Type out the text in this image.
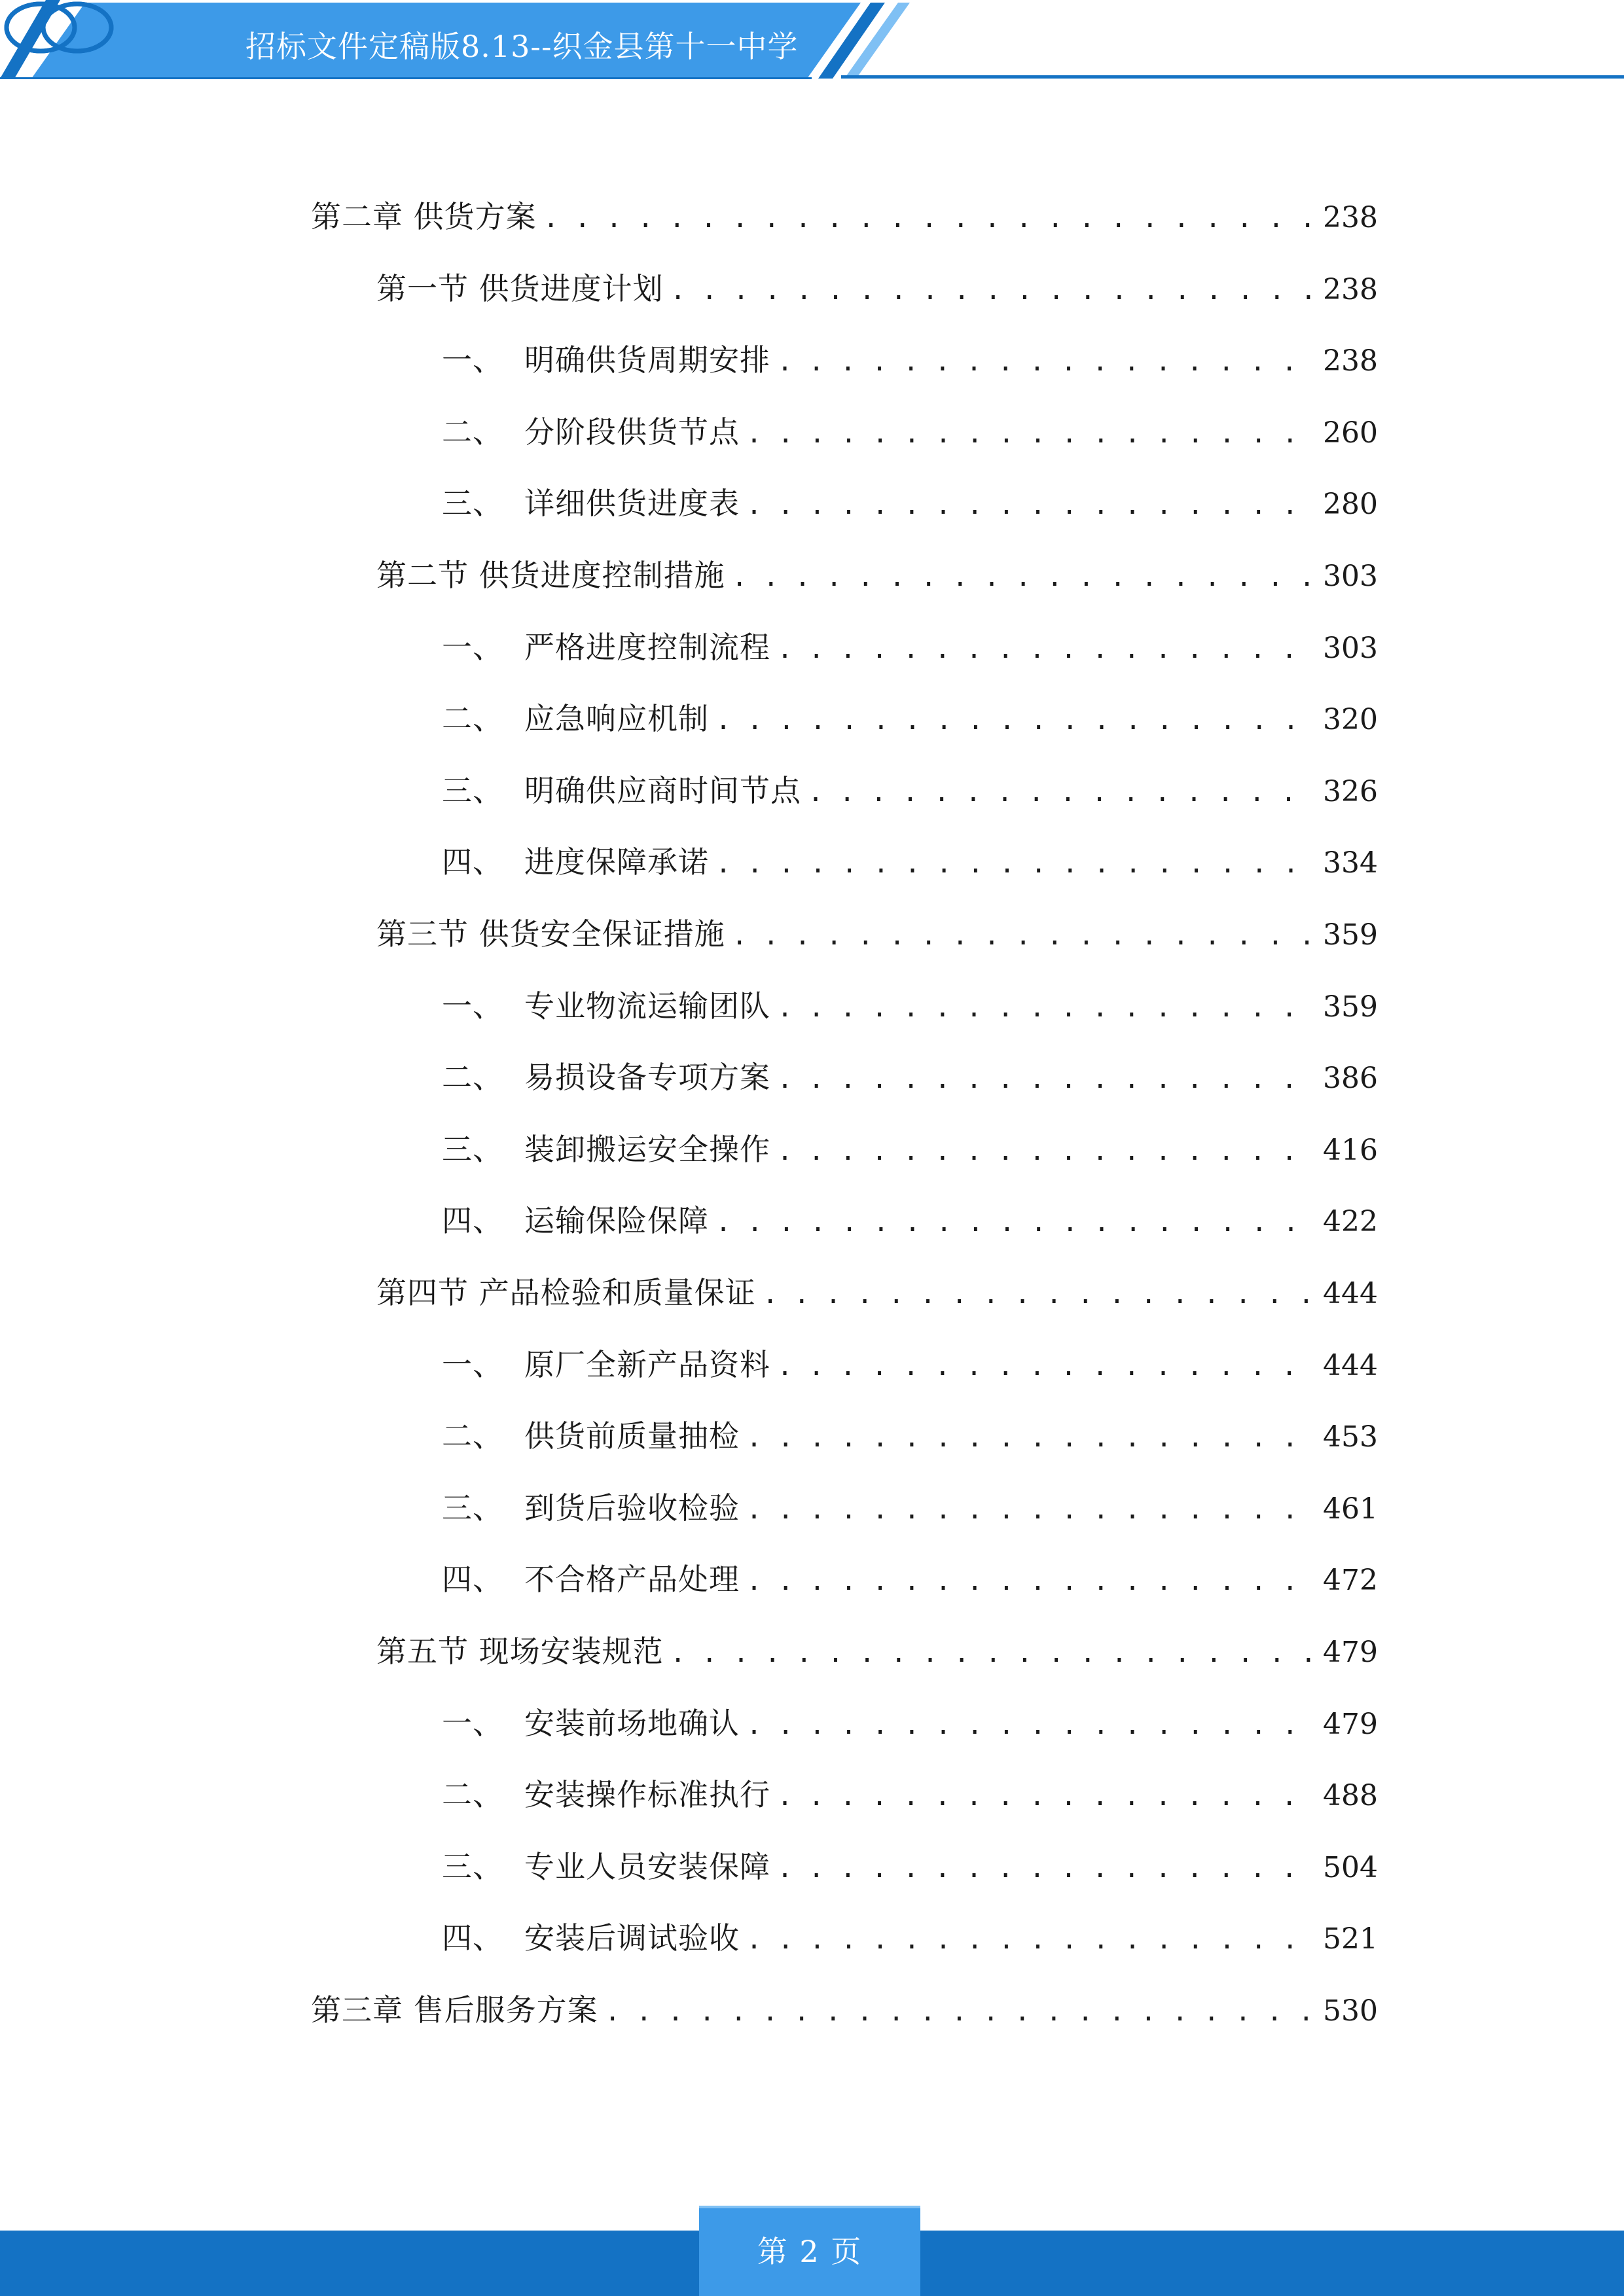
招标文件定稿版8.13--织金县第十一中学
第二章 供货方案 . . .	238
第一节 供货进度计划 . . .	238
一、 明确供货周期安排 . . .	238
二、 分阶段供货节点 . . .	260
三、 详细供货进度表 . . .	280
第二节 供货进度控制措施 . . .	303
一、 严格进度控制流程 . . .	303
二、 应急响应机制 . . .	320
三、 明确供应商时间节点 . . .	326
四、 进度保障承诺 . . .	334
第三节 供货安全保证措施 . . .	359
一、 专业物流运输团队 . . .	359
二、 易损设备专项方案 . . .	386
三、 装卸搬运安全操作 . . .	416
四、 运输保险保障 . . .	422
第四节 产品检验和质量保证 . . .	444
一、 原厂全新产品资料 . . .	444
二、 供货前质量抽检 . . .	453
三、 到货后验收检验 . . .	461
四、 不合格产品处理 . . .	472
第五节 现场安装规范 . . .	479
一、 安装前场地确认 . . .	479
二、 安装操作标准执行 . . .	488
三、 专业人员安装保障 . . .	504
四、 安装后调试验收 . . .	521
第三章 售后服务方案 . . .	530
第 2 页
